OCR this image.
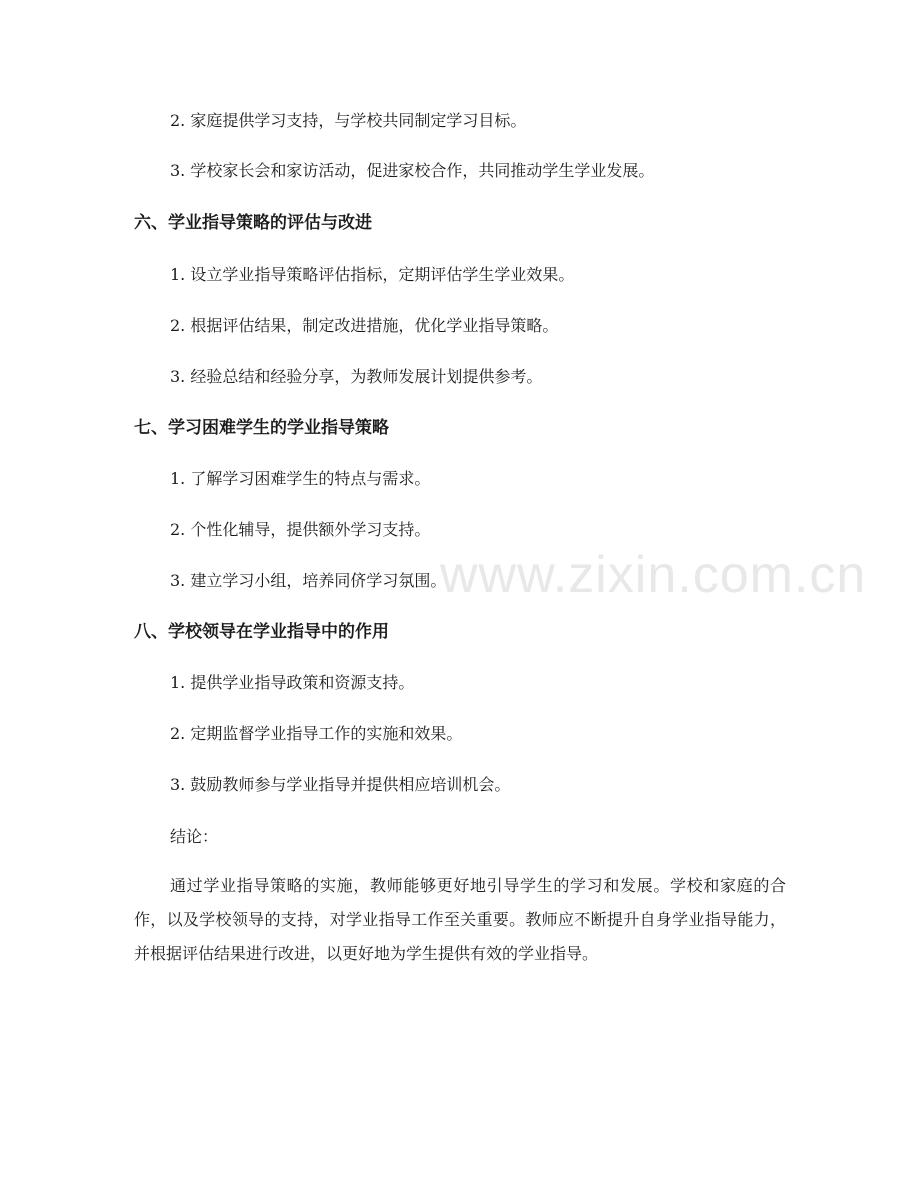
www.zixin.com.cn
2. 家庭提供学习支持，与学校共同制定学习目标。
3. 学校家长会和家访活动，促进家校合作，共同推动学生学业发展。
六、学业指导策略的评估与改进
1. 设立学业指导策略评估指标，定期评估学生学业效果。
2. 根据评估结果，制定改进措施，优化学业指导策略。
3. 经验总结和经验分享，为教师发展计划提供参考。
七、学习困难学生的学业指导策略
1. 了解学习困难学生的特点与需求。
2. 个性化辅导，提供额外学习支持。
3. 建立学习小组，培养同侪学习氛围。
八、学校领导在学业指导中的作用
1. 提供学业指导政策和资源支持。
2. 定期监督学业指导工作的实施和效果。
3. 鼓励教师参与学业指导并提供相应培训机会。
结论：
通过学业指导策略的实施，教师能够更好地引导学生的学习和发展。学校和家庭的合作，以及学校领导的支持，对学业指导工作至关重要。教师应不断提升自身学业指导能力，并根据评估结果进行改进，以更好地为学生提供有效的学业指导。
